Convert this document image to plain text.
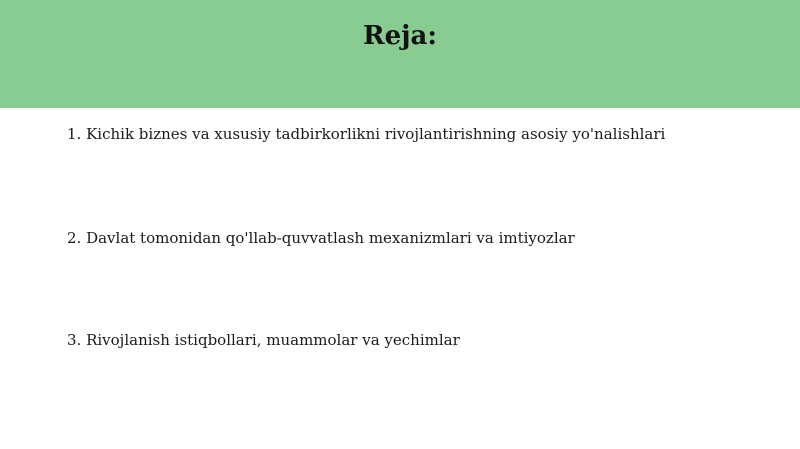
Reja:
1. Kichik biznes va xususiy tadbirkorlikni rivojlantirishning asosiy yo'nalishlari
2. Davlat tomonidan qo'llab-quvvatlash mexanizmlari va imtiyozlar
3. Rivojlanish istiqbollari, muammolar va yechimlar
